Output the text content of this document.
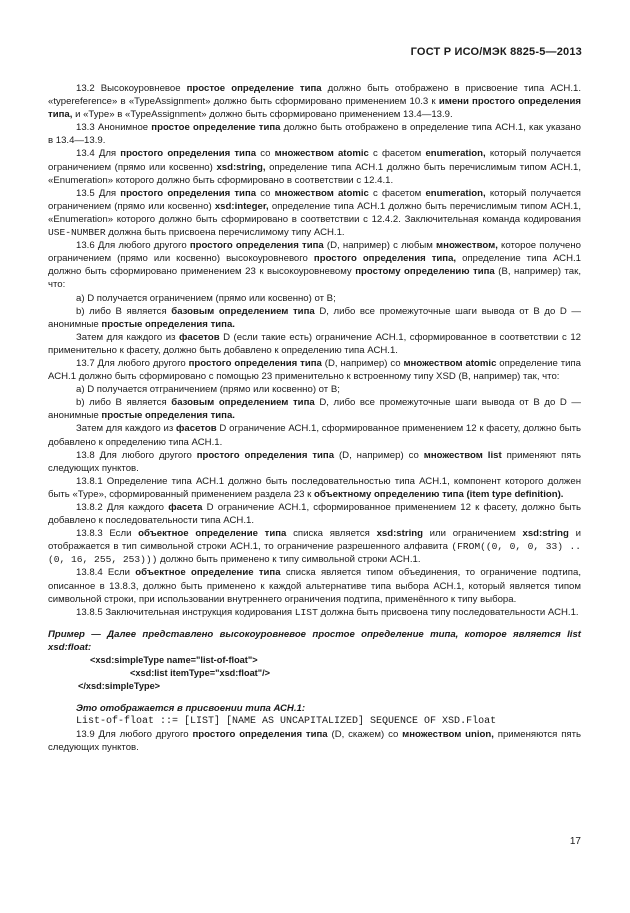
ГОСТ Р ИСО/МЭК 8825-5—2013

13.2 Высокоуровневое простое определение типа должно быть отображено в присвоение типа АСН.1. «typereference» в «TypeAssignment» должно быть сформировано применением 10.3 к имени простого определения типа, и «Type» в «TypeAssignment» должно быть сформировано применением 13.4—13.9.

13.3 Анонимное простое определение типа должно быть отображено в определение типа АСН.1, как указано в 13.4—13.9.

13.4 Для простого определения типа со множеством atomic с фасетом enumeration, который получается ограничением (прямо или косвенно) xsd:string, определение типа АСН.1 должно быть перечислимым типом АСН.1, «Enumeration» которого должно быть сформировано в соответствии с 12.4.1.

13.5 Для простого определения типа со множеством atomic с фасетом enumeration, который получается ограничением (прямо или косвенно) xsd:integer, определение типа АСН.1 должно быть перечислимым типом АСН.1, «Enumeration» которого должно быть сформировано в соответствии с 12.4.2. Заключительная команда кодирования USE-NUMBER должна быть присвоена перечислимому типу АСН.1.

13.6 Для любого другого простого определения типа (D, например) с любым множеством, которое получено ограничением (прямо или косвенно) высокоуровневого простого определения типа, определение типа АСН.1 должно быть сформировано применением 23 к высокоуровневому простому определению типа (B, например) так, что:

a) D получается ограничением (прямо или косвенно) от B;

b) либо B является базовым определением типа D, либо все промежуточные шаги вывода от B до D — анонимные простые определения типа.

Затем для каждого из фасетов D (если такие есть) ограничение АСН.1, сформированное в соответствии с 12 применительно к фасету, должно быть добавлено к определению типа АСН.1.

13.7 Для любого другого простого определения типа (D, например) со множеством atomic определение типа АСН.1 должно быть сформировано с помощью 23 применительно к встроенному типу XSD (B, например) так, что:

a) D получается отграничением (прямо или косвенно) от B;

b) либо B является базовым определением типа D, либо все промежуточные шаги вывода от B до D — анонимные простые определения типа.

Затем для каждого из фасетов D ограничение АСН.1, сформированное применением 12 к фасету, должно быть добавлено к определению типа АСН.1.

13.8 Для любого другого простого определения типа (D, например) со множеством list применяют пять следующих пунктов.

13.8.1 Определение типа АСН.1 должно быть последовательностью типа АСН.1, компонент которого должен быть «Type», сформированный применением раздела 23 к объектному определению типа (item type definition).

13.8.2 Для каждого фасета D ограничение АСН.1, сформированное применением 12 к фасету, должно быть добавлено к последовательности типа АСН.1.

13.8.3 Если объектное определение типа списка является xsd:string или ограничением xsd:string и отображается в тип символьной строки АСН.1, то ограничение разрешенного алфавита (FROM((0, 0, 0, 33) .. (0, 16, 255, 253))) должно быть применено к типу символьной строки АСН.1.

13.8.4 Если объектное определение типа списка является типом объединения, то ограничение подтипа, описанное в 13.8.3, должно быть применено к каждой альтернативе типа выбора АСН.1, который является типом символьной строки, при использовании внутреннего ограничения подтипа, применённого к типу выбора.

13.8.5 Заключительная инструкция кодирования LIST должна быть присвоена типу последовательности АСН.1.

Пример — Далее представлено высокоуровневое простое определение типа, которое является list xsd:float:

<xsd:simpleType name="list-of-float">

<xsd:list itemType="xsd:float"/>

</xsd:simpleType>

Это отображается в присвоении типа АСН.1:

List-of-float ::= [LIST] [NAME AS UNCAPITALIZED] SEQUENCE OF XSD.Float

13.9 Для любого другого простого определения типа (D, скажем) со множеством union, применяются пять следующих пунктов.

17
